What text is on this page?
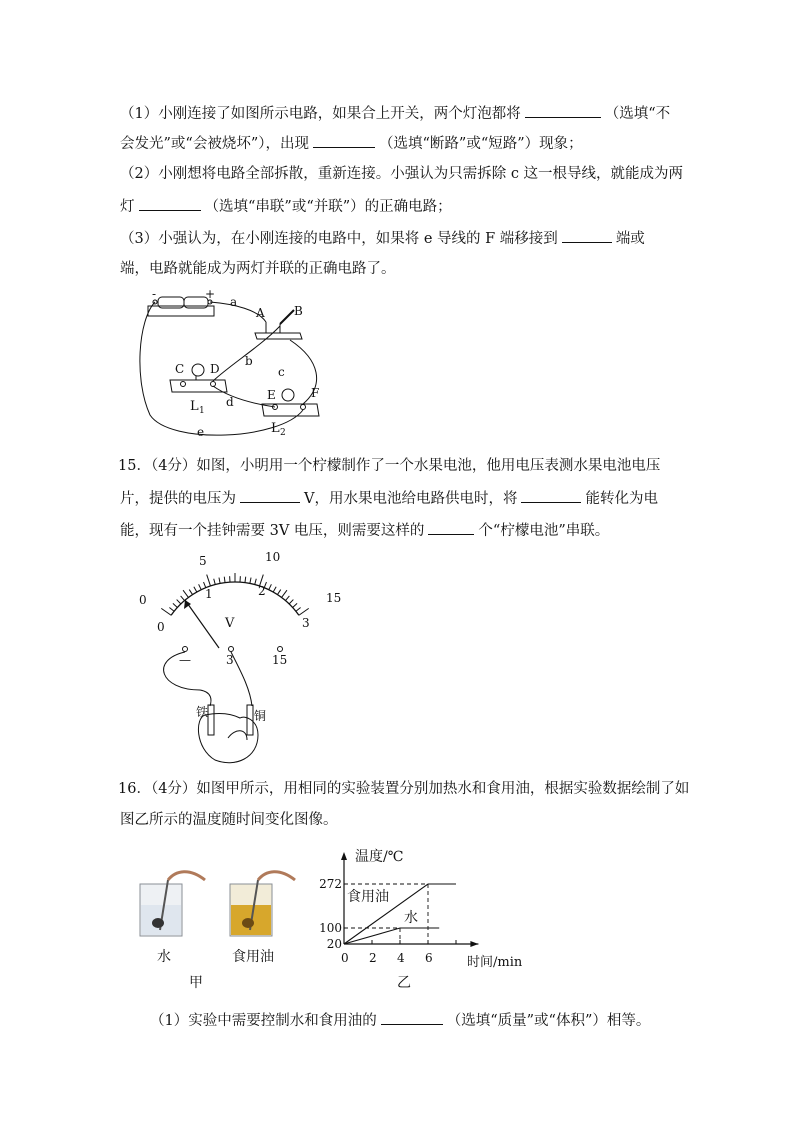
（1）小刚连接了如图所示电路，如果合上开关，两个灯泡都将	（选填“不
会发光”或“会被烧坏”），出现	（选填“断路”或“短路”）现象；
（2）小刚想将电路全部拆散，重新连接。小强认为只需拆除 c 这一根导线，就能成为两
灯	（选填“串联”或“并联”）的正确电路；
（3）小强认为，在小刚连接的电路中，如果将 e 导线的 F 端移接到	端或
端，电路就能成为两灯并联的正确电路了。
15．（4分）如图，小明用一个柠檬制作了一个水果电池，他用电压表测水果电池电压
片，提供的电压为	V，用水果电池给电路供电时，将	能转化为电
能，现有一个挂钟需要 3V 电压，则需要这样的	个“柠檬电池”串联。
16．（4分）如图甲所示，用相同的实验装置分别加热水和食用油，根据实验数据绘制了如
图乙所示的温度随时间变化图像。
（1）实验中需要控制水和食用油的	（选填“质量”或“体积”）相等。
-	+
a
A B
b
c
C D
E	F
d
e
L 1
L 2
0
5	10
15
0
1	2
3
V
—	3	15
铁	铜
水	食用油
甲	乙
温度/℃
时间/min
0 2 4 6
20
100
272
食用油
水
